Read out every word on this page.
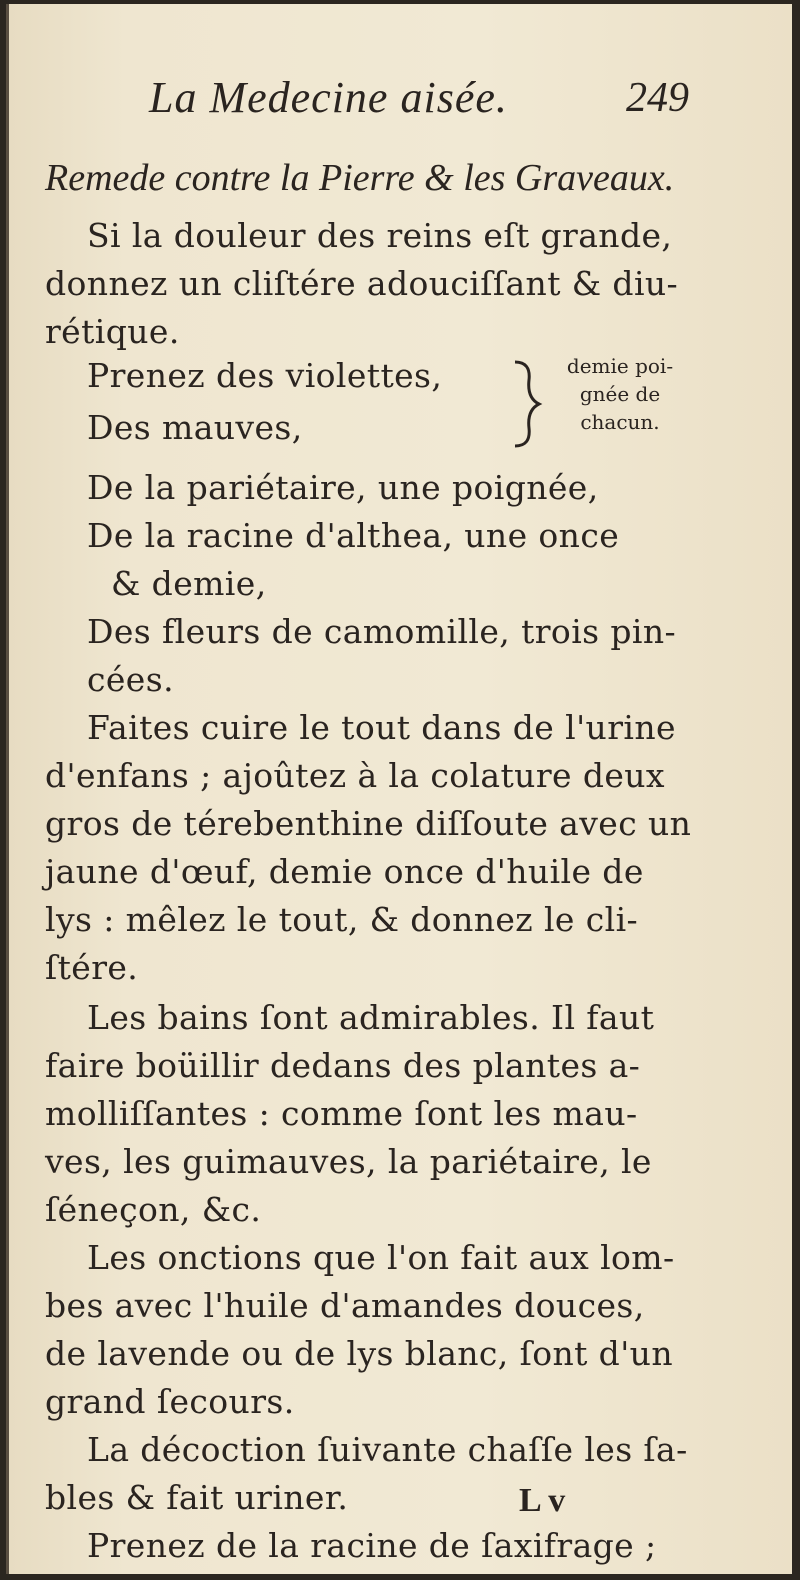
La Medecine aisée.	249
Remede contre la Pierre & les Graveaux.
Si la douleur des reins eſt grande,
donnez un cliſtére adouciſſant & diu-
rétique.
Prenez des violettes,
Des mauves,
demie poi-
gnée de
chacun.
De la pariétaire, une poignée,
De la racine d'althea, une once
& demie,
Des fleurs de camomille, trois pin-
cées.
Faites cuire le tout dans de l'urine
d'enfans ; ajoûtez à la colature deux
gros de térebenthine diſſoute avec un
jaune d'œuf, demie once d'huile de
lys : mêlez le tout, & donnez le cli-
ſtére.
Les bains ſont admirables. Il faut
faire boüillir dedans des plantes a-
molliſſantes : comme ſont les mau-
ves, les guimauves, la pariétaire, le
ſéneçon, &c.
Les onctions que l'on fait aux lom-
bes avec l'huile d'amandes douces,
de lavende ou de lys blanc, ſont d'un
grand ſecours.
La décoction ſuivante chaſſe les ſa-
bles & fait uriner.
Prenez de la racine de ſaxifrage ;
L v
